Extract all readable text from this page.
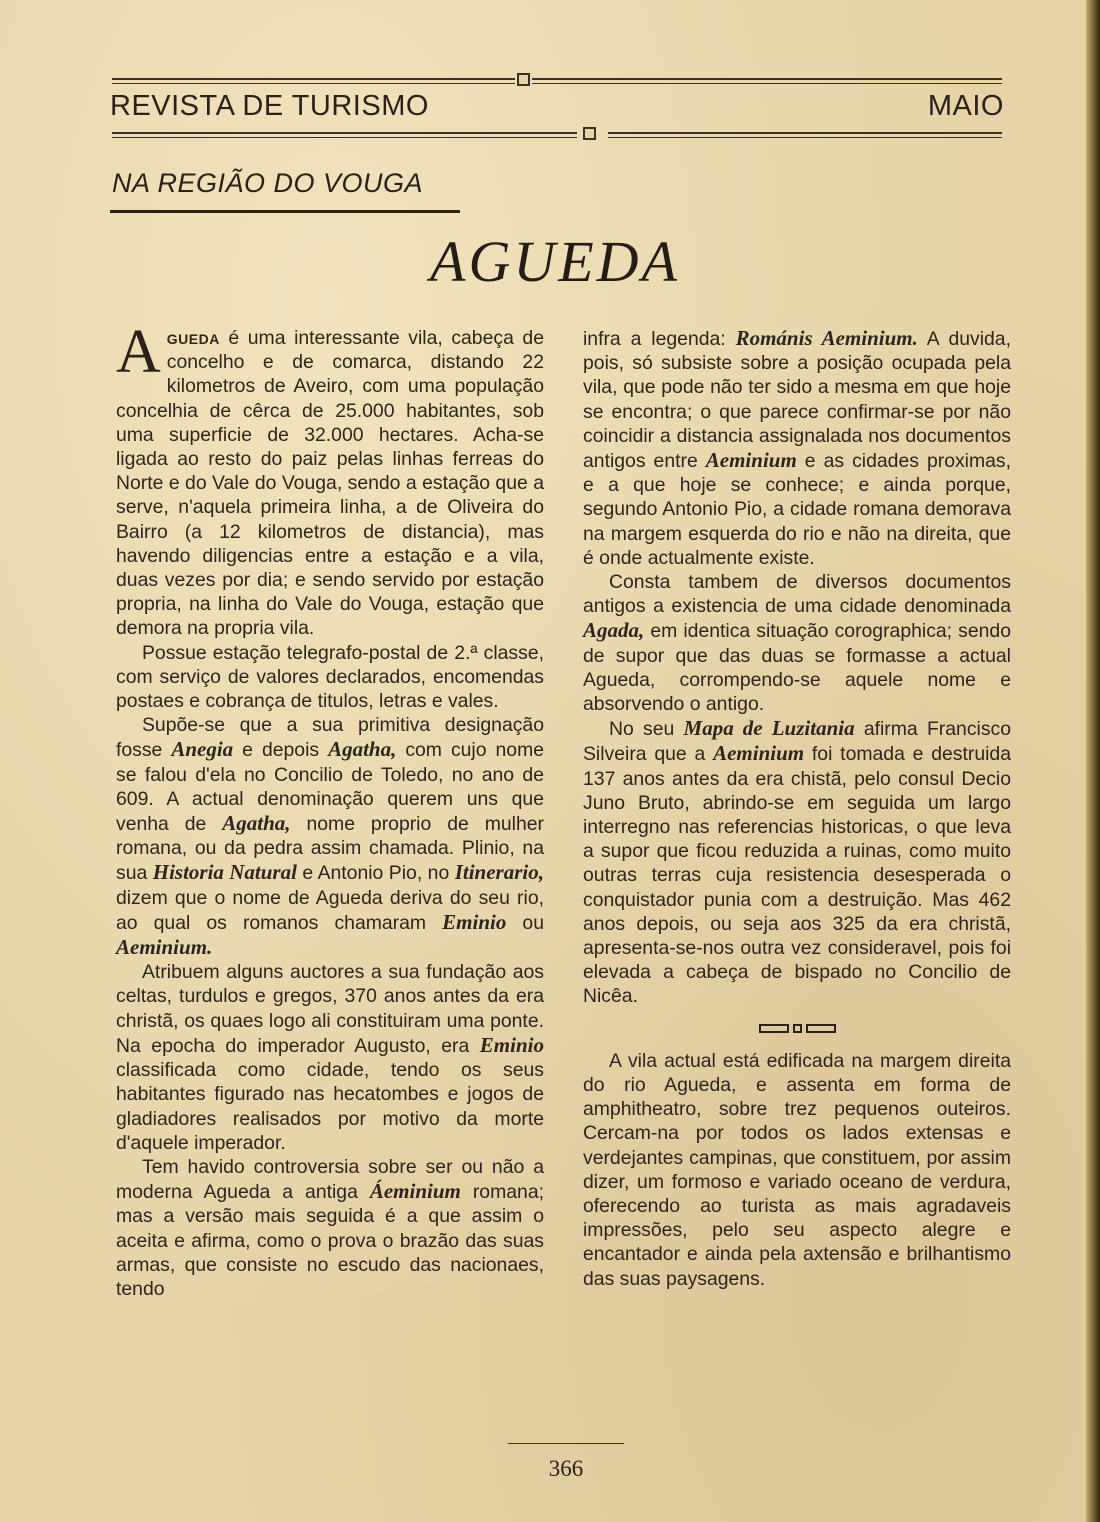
REVISTA DE TURISMO	MAIO
NA REGIÃO DO VOUGA
AGUEDA

Agueda é uma interessante vila, cabeça de concelho e de comarca, distando 22 kilometros de Aveiro, com uma população concelhia de cêrca de 25.000 habitantes, sob uma superficie de 32.000 hectares. Acha-se ligada ao resto do paiz pelas linhas ferreas do Norte e do Vale do Vouga, sendo a estação que a serve, n'aquela primeira linha, a de Oliveira do Bairro (a 12 kilometros de distancia), mas havendo diligencias entre a estação e a vila, duas vezes por dia; e sendo servido por estação propria, na linha do Vale do Vouga, estação que demora na propria vila.

Possue estação telegrafo-postal de 2.ª classe, com serviço de valores declarados, encomendas postaes e cobrança de titulos, letras e vales.

Supõe-se que a sua primitiva designação fosse Anegia e depois Agatha, com cujo nome se falou d'ela no Concilio de Toledo, no ano de 609. A actual denominação querem uns que venha de Agatha, nome proprio de mulher romana, ou da pedra assim chamada. Plinio, na sua Historia Natural e Antonio Pio, no Itinerario, dizem que o nome de Agueda deriva do seu rio, ao qual os romanos chamaram Eminio ou Aeminium.

Atribuem alguns auctores a sua fundação aos celtas, turdulos e gregos, 370 anos antes da era christã, os quaes logo ali constituiram uma ponte. Na epocha do imperador Augusto, era Eminio classificada como cidade, tendo os seus habitantes figurado nas hecatombes e jogos de gladiadores realisados por motivo da morte d'aquele imperador.

Tem havido controversia sobre ser ou não a moderna Agueda a antiga Áeminium romana; mas a versão mais seguida é a que assim o aceita e afirma, como o prova o brazão das suas armas, que consiste no escudo das nacionaes, tendo

infra a legenda: Románis Aeminium. A duvida, pois, só subsiste sobre a posição ocupada pela vila, que pode não ter sido a mesma em que hoje se encontra; o que parece confirmar-se por não coincidir a distancia assignalada nos documentos antigos entre Aeminium e as cidades proximas, e a que hoje se conhece; e ainda porque, segundo Antonio Pio, a cidade romana demorava na margem esquerda do rio e não na direita, que é onde actualmente existe.

Consta tambem de diversos documentos antigos a existencia de uma cidade denominada Agada, em identica situação corographica; sendo de supor que das duas se formasse a actual Agueda, corrompendo-se aquele nome e absorvendo o antigo.

No seu Mapa de Luzitania afirma Francisco Silveira que a Aeminium foi tomada e destruida 137 anos antes da era chistã, pelo consul Decio Juno Bruto, abrindo-se em seguida um largo interregno nas referencias historicas, o que leva a supor que ficou reduzida a ruinas, como muito outras terras cuja resistencia desesperada o conquistador punia com a destruição. Mas 462 anos depois, ou seja aos 325 da era christã, apresenta-se-nos outra vez consideravel, pois foi elevada a cabeça de bispado no Concilio de Nicêa.

A vila actual está edificada na margem direita do rio Agueda, e assenta em forma de amphitheatro, sobre trez pequenos outeiros. Cercam-na por todos os lados extensas e verdejantes campinas, que constituem, por assim dizer, um formoso e variado oceano de verdura, oferecendo ao turista as mais agradaveis impressões, pelo seu aspecto alegre e encantador e ainda pela axtensão e brilhantismo das suas paysagens.

366
